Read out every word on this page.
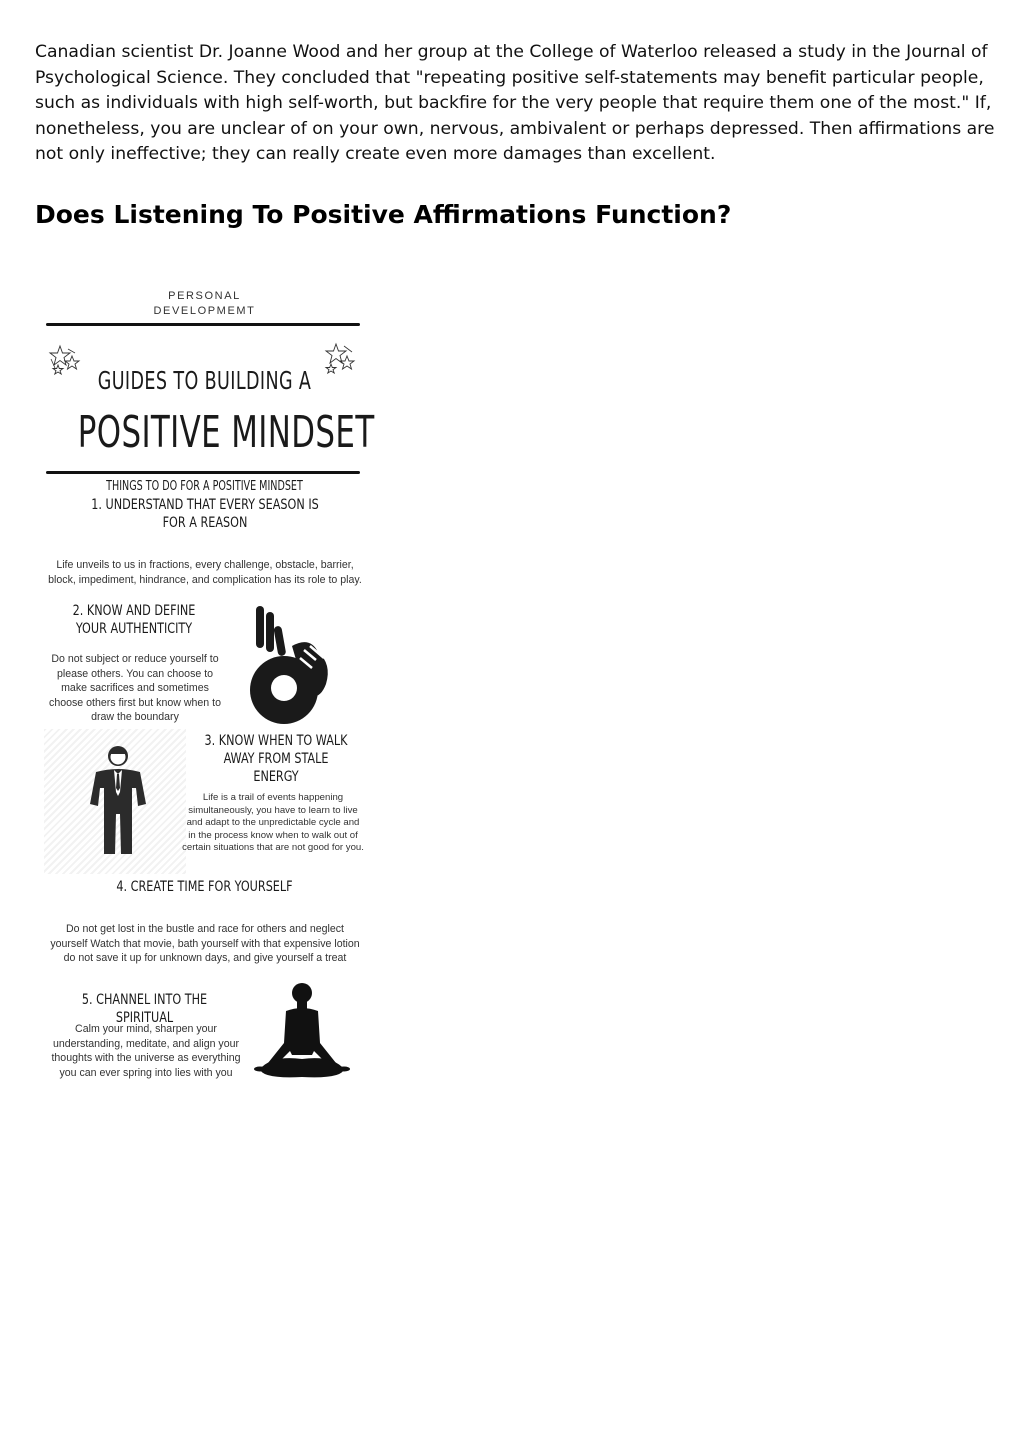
Canadian scientist Dr. Joanne Wood and her group at the College of Waterloo released a study in the Journal of Psychological Science. They concluded that "repeating positive self-statements may benefit particular people, such as individuals with high self-worth, but backfire for the very people that require them one of the most." If, nonetheless, you are unclear of on your own, nervous, ambivalent or perhaps depressed. Then affirmations are not only ineffective; they can really create even more damages than excellent.

Does Listening To Positive Affirmations Function?
PERSONAL
DEVELOPMEMT
GUIDES TO BUILDING A
POSITIVE MINDSET
THINGS TO DO FOR A POSITIVE MINDSET
1. UNDERSTAND THAT EVERY SEASON IS FOR A REASON
Life unveils to us in fractions, every challenge, obstacle, barrier, block, impediment, hindrance, and complication has its role to play.
2. KNOW AND DEFINE YOUR AUTHENTICITY
Do not subject or reduce yourself to please others. You can choose to make sacrifices and sometimes choose others first but know when to draw the boundary
3. KNOW WHEN TO WALK AWAY FROM STALE ENERGY
Life is a trail of events happening simultaneously, you have to learn to live and adapt to the unpredictable cycle and in the process know when to walk out of certain situations that are not good for you.
4. CREATE TIME FOR YOURSELF
Do not get lost in the bustle and race for others and neglect yourself Watch that movie, bath yourself with that expensive lotion do not save it up for unknown days, and give yourself a treat
5. CHANNEL INTO THE SPIRITUAL
Calm your mind, sharpen your understanding, meditate, and align your thoughts with the universe as everything you can ever spring into lies with you
